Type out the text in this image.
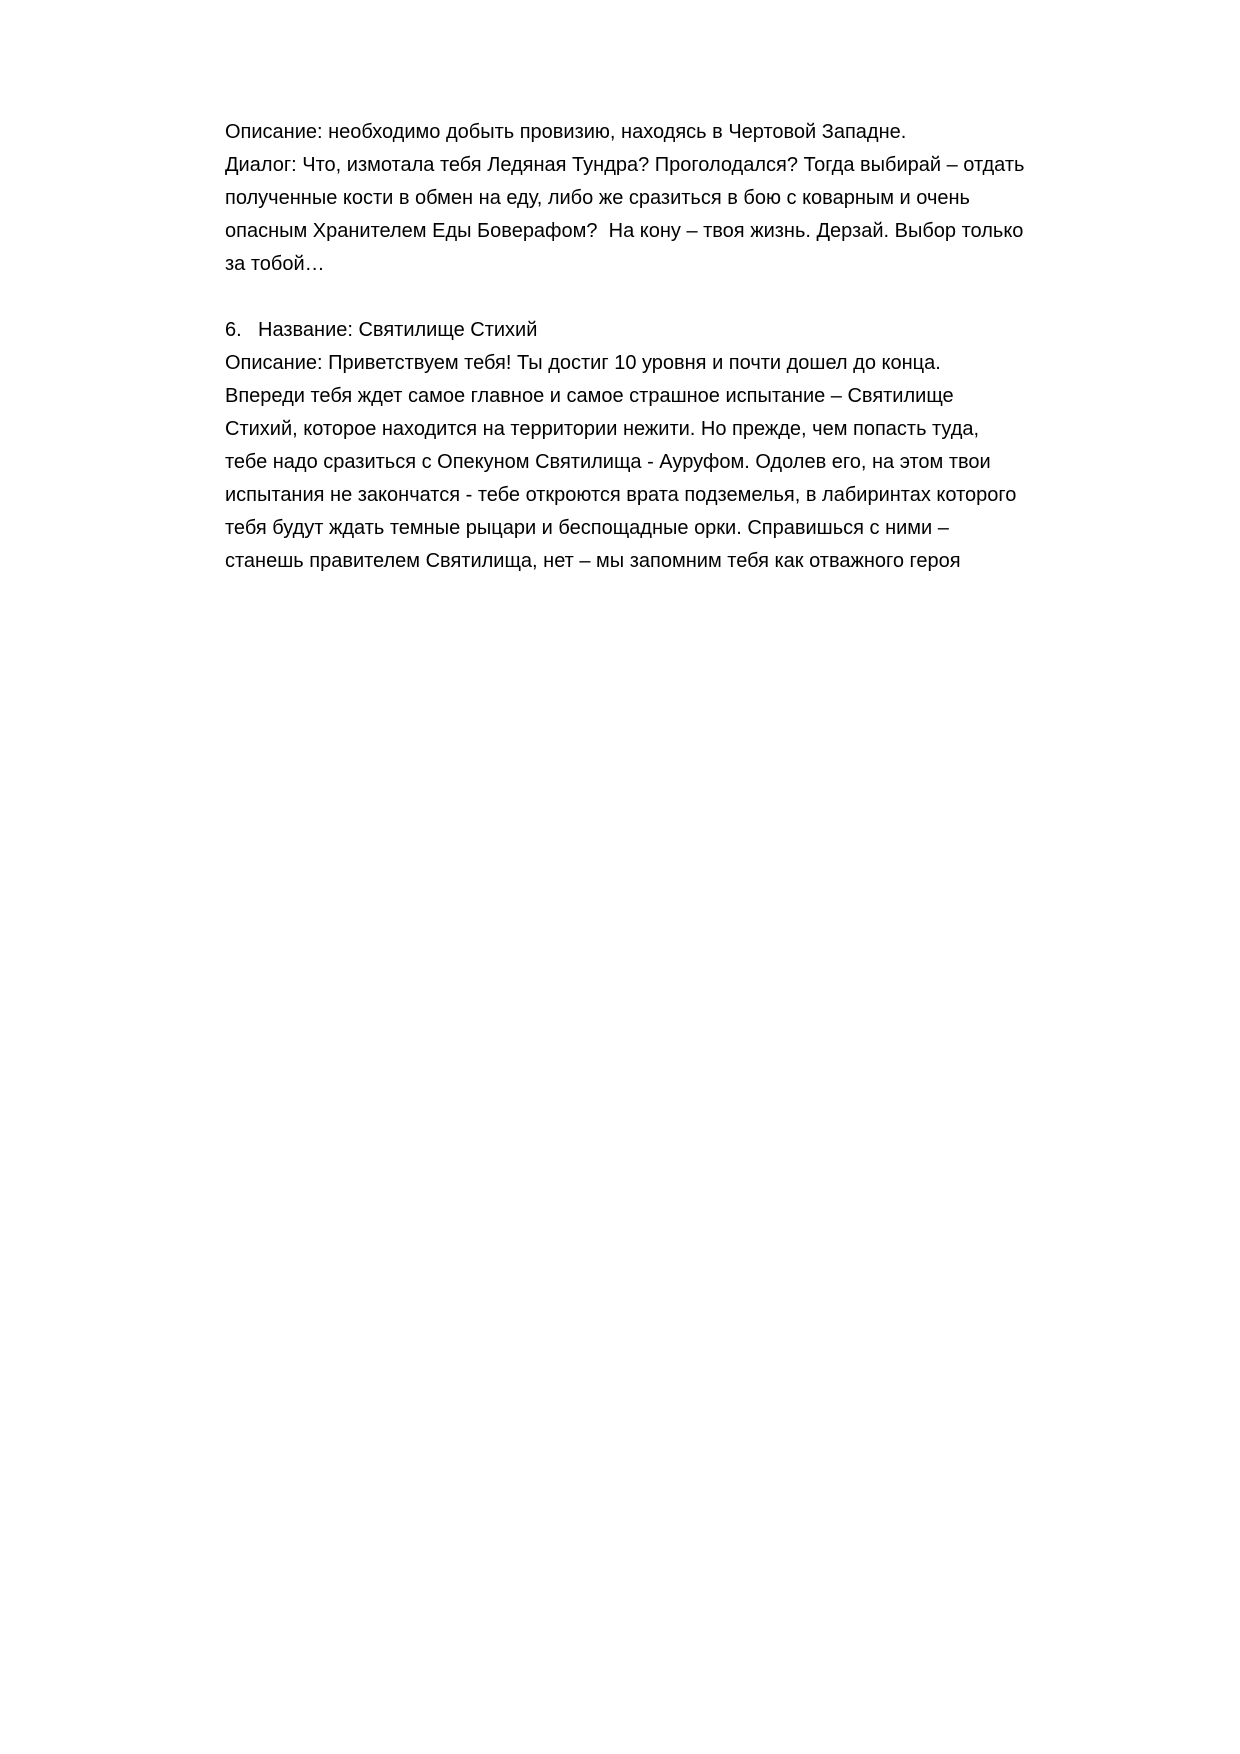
Описание: необходимо добыть провизию, находясь в Чертовой Западне.

Диалог: Что, измотала тебя Ледяная Тундра? Проголодался? Тогда выбирай – отдать полученные кости в обмен на еду, либо же сразиться в бою с коварным и очень опасным Хранителем Еды Боверафом?  На кону – твоя жизнь. Дерзай. Выбор только за тобой…

6. Название: Святилище Стихий

Описание: Приветствуем тебя! Ты достиг 10 уровня и почти дошел до конца. Впереди тебя ждет самое главное и самое страшное испытание – Святилище Стихий, которое находится на территории нежити. Но прежде, чем попасть туда, тебе надо сразиться с Опекуном Святилища - Ауруфом. Одолев его, на этом твои испытания не закончатся - тебе откроются врата подземелья, в лабиринтах которого тебя будут ждать темные рыцари и беспощадные орки. Справишься с ними – станешь правителем Святилища, нет – мы запомним тебя как отважного героя
